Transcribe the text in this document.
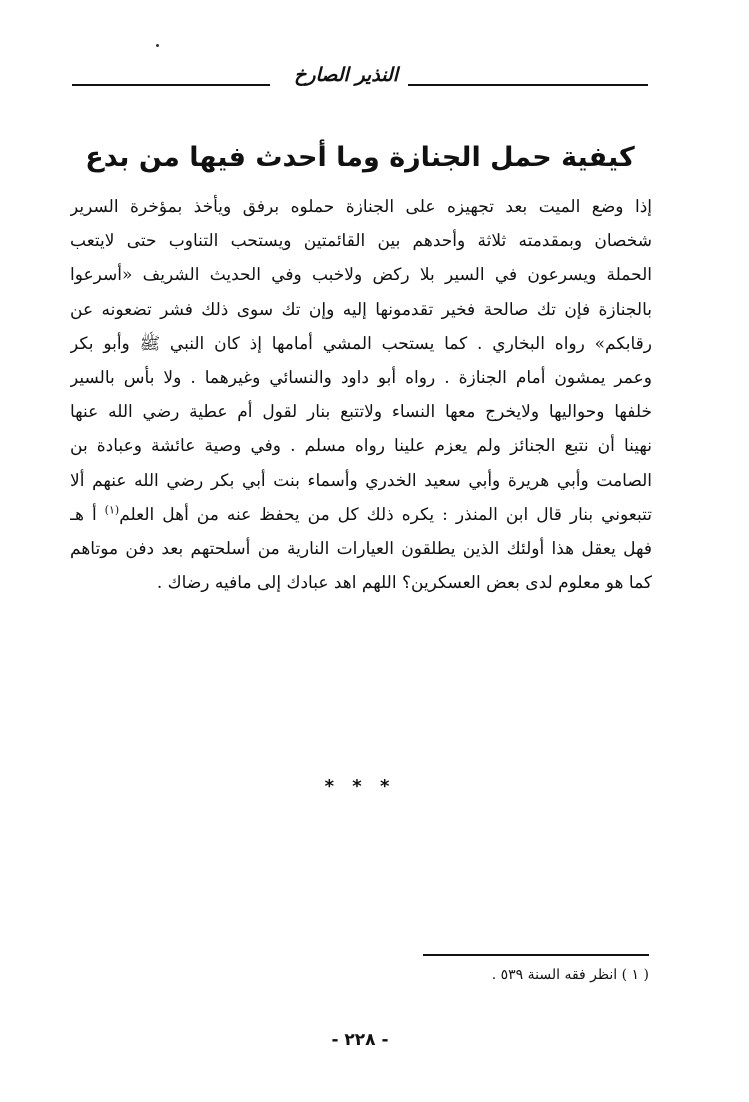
النذير الصارخ
كيفية حمل الجنازة وما أحدث فيها من بدع
إذا وضع الميت بعد تجهيزه على الجنازة حملوه برفق ويأخذ بمؤخرة السرير
شخصان وبمقدمته ثلاثة وأحدهم بين القائمتين ويستحب التناوب حتى لايتعب
الحملة ويسرعون في السير بلا ركض ولاخبب وفي الحديث الشريف «أسرعوا
بالجنازة فإن تك صالحة فخير تقدمونها إليه وإن تك سوى ذلك فشر تضعونه عن
رقابكم» رواه البخاري . كما يستحب المشي أمامها إذ كان النبي ﷺ وأبو بكر
وعمر يمشون أمام الجنازة . رواه أبو داود والنسائي وغيرهما . ولا بأس بالسير
خلفها وحواليها ولايخرج معها النساء ولاتتبع بنار لقول أم عطية رضي الله عنها
نهينا أن نتبع الجنائز ولم يعزم علينا رواه مسلم . وفي وصية عائشة وعبادة بن
الصامت وأبي هريرة وأبي سعيد الخدري وأسماء بنت أبي بكر رضي الله عنهم ألا
تتبعوني بنار قال ابن المنذر : يكره ذلك كل من يحفظ عنه من أهل العلم$^{(١)}$ أ هـ
فهل يعقل هذا أولئك الذين يطلقون العيارات النارية من أسلحتهم بعد دفن موتاهم
كما هو معلوم لدى بعض العسكرين؟ اللهم اهد عبادك إلى مافيه رضاك .
* * *
( ١ ) انظر فقه السنة ٥٣٩ .
- ٢٢٨ -
